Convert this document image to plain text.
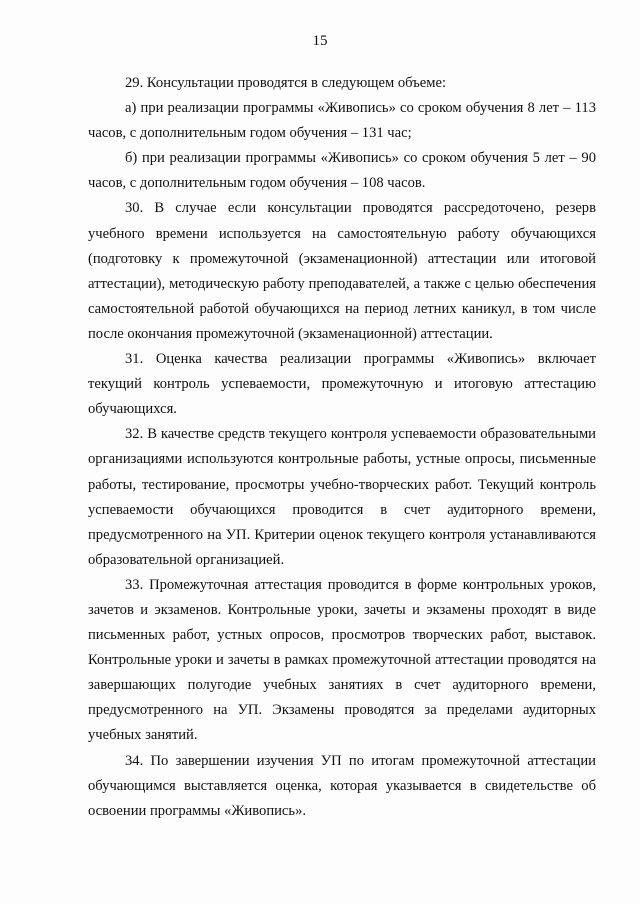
15

29. Консультации проводятся в следующем объеме:

а) при реализации программы «Живопись» со сроком обучения 8 лет – 113 часов, с дополнительным годом обучения – 131 час;

б) при реализации программы «Живопись» со сроком обучения 5 лет – 90 часов, с дополнительным годом обучения – 108 часов.

30. В случае если консультации проводятся рассредоточено, резерв учебного времени используется на самостоятельную работу обучающихся (подготовку к промежуточной (экзаменационной) аттестации или итоговой аттестации), методическую работу преподавателей, а также с целью обеспечения самостоятельной работой обучающихся на период летних каникул, в том числе после окончания промежуточной (экзаменационной) аттестации.

31. Оценка качества реализации программы «Живопись» включает текущий контроль успеваемости, промежуточную и итоговую аттестацию обучающихся.

32. В качестве средств текущего контроля успеваемости образовательными организациями используются контрольные работы, устные опросы, письменные работы, тестирование, просмотры учебно-творческих работ. Текущий контроль успеваемости обучающихся проводится в счет аудиторного времени, предусмотренного на УП. Критерии оценок текущего контроля устанавливаются образовательной организацией.

33. Промежуточная аттестация проводится в форме контрольных уроков, зачетов и экзаменов. Контрольные уроки, зачеты и экзамены проходят в виде письменных работ, устных опросов, просмотров творческих работ, выставок. Контрольные уроки и зачеты в рамках промежуточной аттестации проводятся на завершающих полугодие учебных занятиях в счет аудиторного времени, предусмотренного на УП. Экзамены проводятся за пределами аудиторных учебных занятий.

34. По завершении изучения УП по итогам промежуточной аттестации обучающимся выставляется оценка, которая указывается в свидетельстве об освоении программы «Живопись».
